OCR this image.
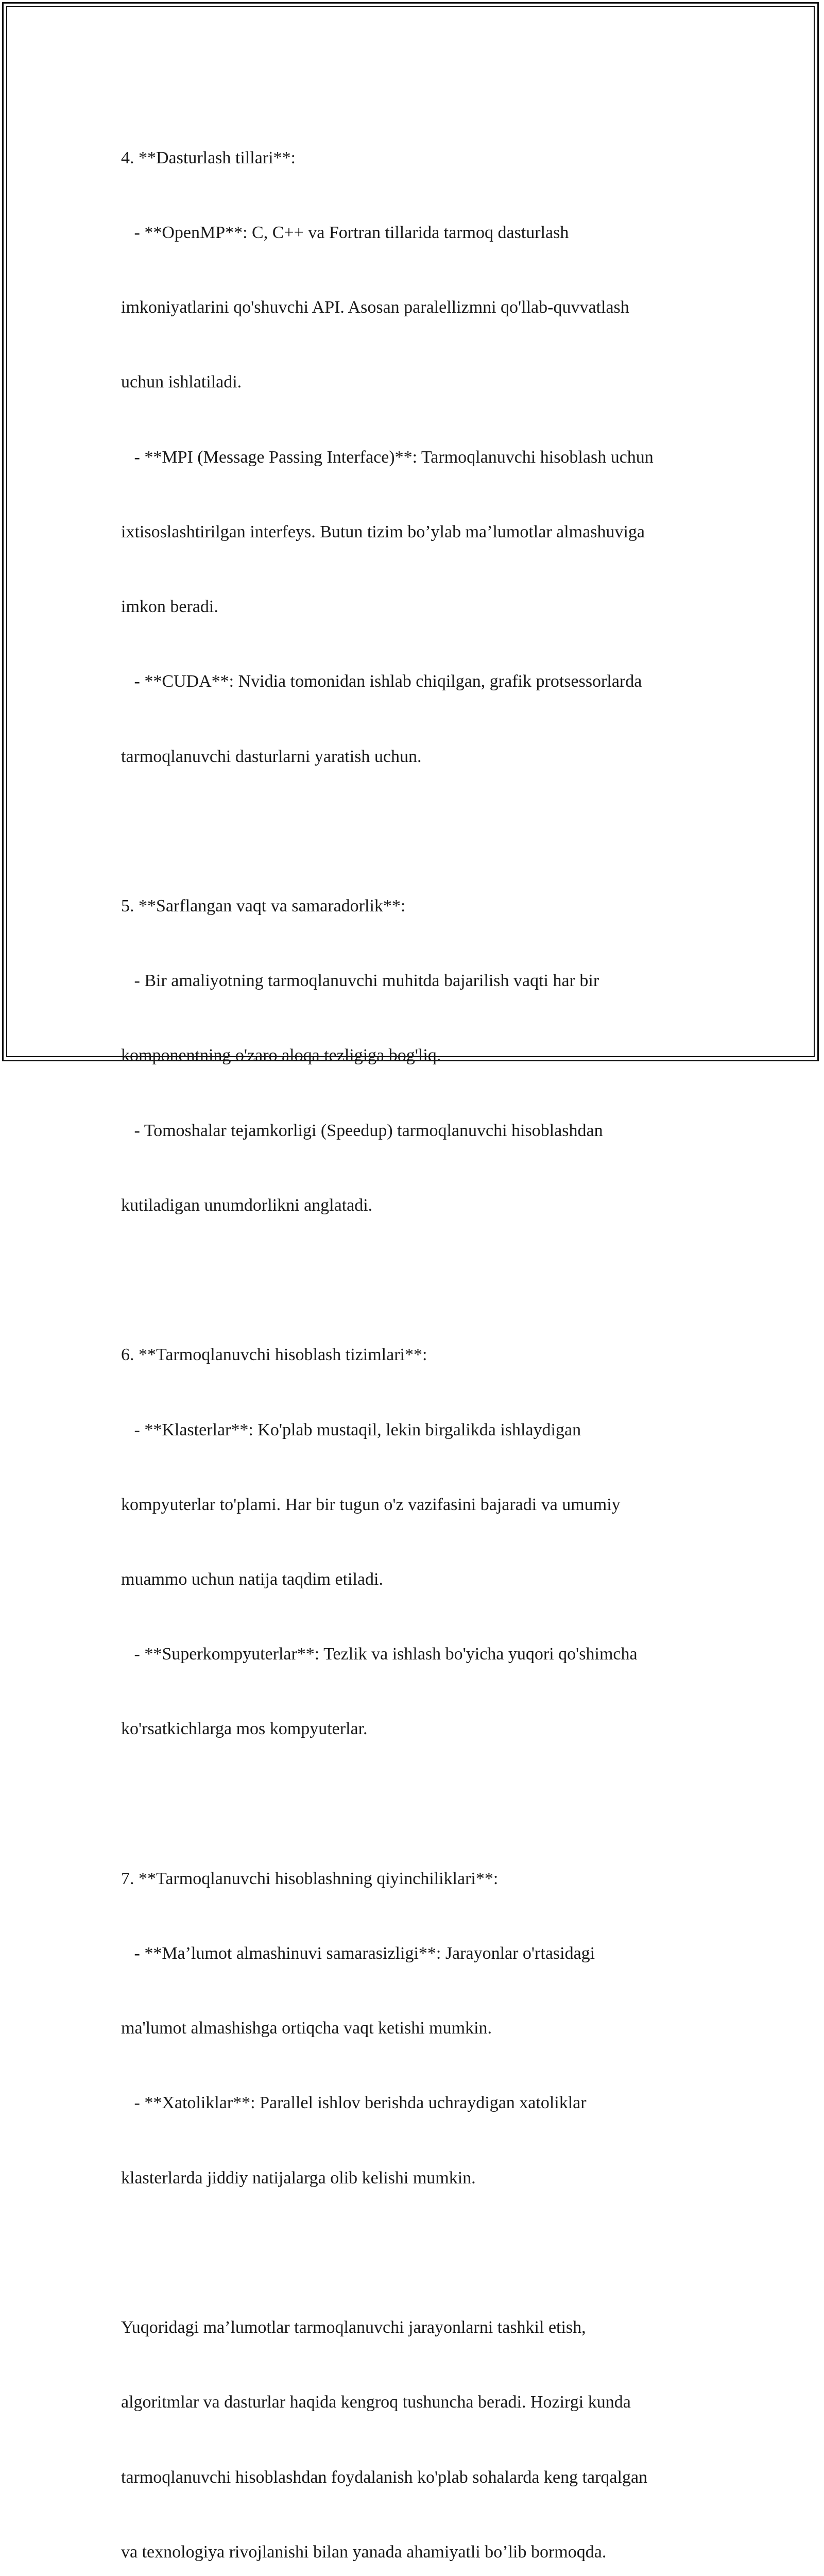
4. **Dasturlash tillari**:

- **OpenMP**: C, C++ va Fortran tillarida tarmoq dasturlash

imkoniyatlarini qo'shuvchi API. Asosan paralellizmni qo'llab-quvvatlash

uchun ishlatiladi.

- **MPI (Message Passing Interface)**: Tarmoqlanuvchi hisoblash uchun

ixtisoslashtirilgan interfeys. Butun tizim bo’ylab ma’lumotlar almashuviga

imkon beradi.

- **CUDA**: Nvidia tomonidan ishlab chiqilgan, grafik protsessorlarda

tarmoqlanuvchi dasturlarni yaratish uchun.

5. **Sarflangan vaqt va samaradorlik**:

- Bir amaliyotning tarmoqlanuvchi muhitda bajarilish vaqti har bir

komponentning o'zaro aloqa tezligiga bog'liq.

- Tomoshalar tejamkorligi (Speedup) tarmoqlanuvchi hisoblashdan

kutiladigan unumdorlikni anglatadi.

6. **Tarmoqlanuvchi hisoblash tizimlari**:

- **Klasterlar**: Ko'plab mustaqil, lekin birgalikda ishlaydigan

kompyuterlar to'plami. Har bir tugun o'z vazifasini bajaradi va umumiy

muammo uchun natija taqdim etiladi.

- **Superkompyuterlar**: Tezlik va ishlash bo'yicha yuqori qo'shimcha

ko'rsatkichlarga mos kompyuterlar.

7. **Tarmoqlanuvchi hisoblashning qiyinchiliklari**:

- **Ma’lumot almashinuvi samarasizligi**: Jarayonlar o'rtasidagi

ma'lumot almashishga ortiqcha vaqt ketishi mumkin.

- **Xatoliklar**: Parallel ishlov berishda uchraydigan xatoliklar

klasterlarda jiddiy natijalarga olib kelishi mumkin.

Yuqoridagi ma’lumotlar tarmoqlanuvchi jarayonlarni tashkil etish,

algoritmlar va dasturlar haqida kengroq tushuncha beradi. Hozirgi kunda

tarmoqlanuvchi hisoblashdan foydalanish ko'plab sohalarda keng tarqalgan

va texnologiya rivojlanishi bilan yanada ahamiyatli bo’lib bormoqda.
